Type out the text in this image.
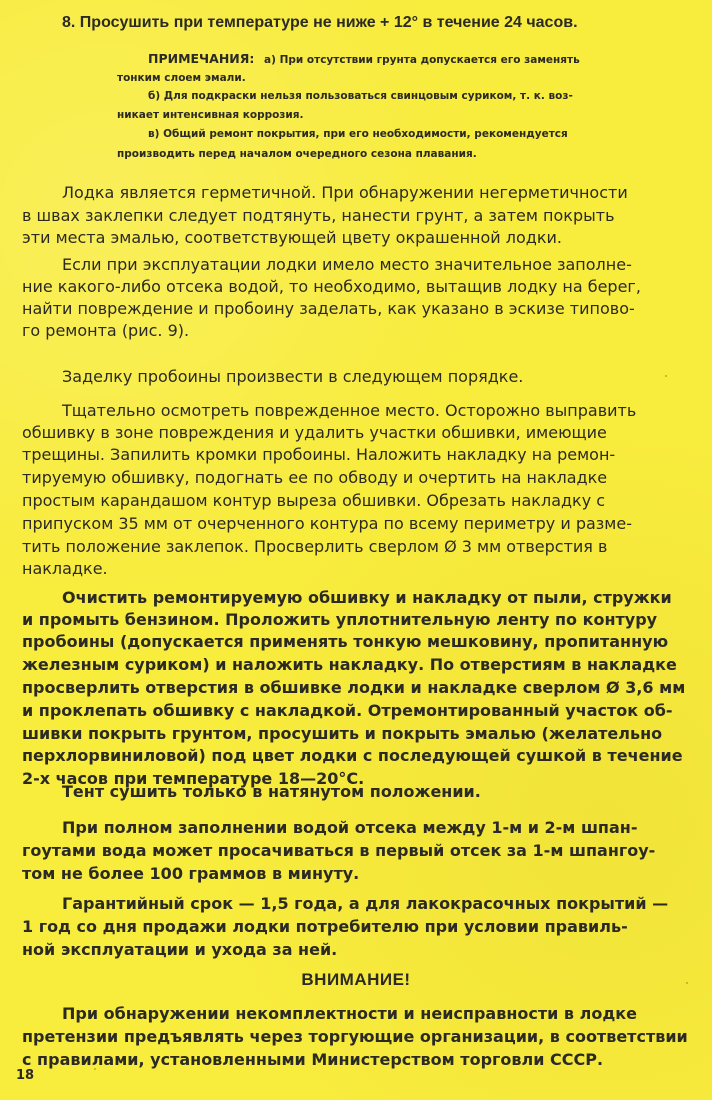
8. Просушить при температуре не ниже + 12° в течение 24 часов.
ПРИМЕЧАНИЯ: а) При отсутствии грунта допускается его заменять
тонким слоем эмали.
б) Для подкраски нельзя пользоваться свинцовым суриком, т. к. воз-
никает интенсивная коррозия.
в) Общий ремонт покрытия, при его необходимости, рекомендуется
производить перед началом очередного сезона плавания.
Лодка является герметичной. При обнаружении негерметичности
в швах заклепки следует подтянуть, нанести грунт, а затем покрыть
эти места эмалью, соответствующей цвету окрашенной лодки.
Если при эксплуатации лодки имело место значительное заполне-
ние какого-либо отсека водой, то необходимо, вытащив лодку на берег,
найти повреждение и пробоину заделать, как указано в эскизе типово-
го ремонта (рис. 9).
Заделку пробоины произвести в следующем порядке.
Тщательно осмотреть поврежденное место. Осторожно выправить
обшивку в зоне повреждения и удалить участки обшивки, имеющие
трещины. Запилить кромки пробоины. Наложить накладку на ремон-
тируемую обшивку, подогнать ее по обводу и очертить на накладке
простым карандашом контур выреза обшивки. Обрезать накладку с
припуском 35 мм от очерченного контура по всему периметру и разме-
тить положение заклепок. Просверлить сверлом Ø 3 мм отверстия в
накладке.
Очистить ремонтируемую обшивку и накладку от пыли, стружки
и промыть бензином. Проложить уплотнительную ленту по контуру
пробоины (допускается применять тонкую мешковину, пропитанную
железным суриком) и наложить накладку. По отверстиям в накладке
просверлить отверстия в обшивке лодки и накладке сверлом Ø 3,6 мм
и проклепать обшивку с накладкой. Отремонтированный участок об-
шивки покрыть грунтом, просушить и покрыть эмалью (желательно
перхлорвиниловой) под цвет лодки с последующей сушкой в течение
2-х часов при температуре 18—20°С.
Тент сушить только в натянутом положении.
При полном заполнении водой отсека между 1-м и 2-м шпан-
гоутами вода может просачиваться в первый отсек за 1-м шпангоу-
том не более 100 граммов в минуту.
Гарантийный срок — 1,5 года, а для лакокрасочных покрытий —
1 год со дня продажи лодки потребителю при условии правиль-
ной эксплуатации и ухода за ней.
ВНИМАНИЕ!
При обнаружении некомплектности и неисправности в лодке
претензии предъявлять через торгующие организации, в соответствии
с правилами, установленными Министерством торговли СССР.
18
